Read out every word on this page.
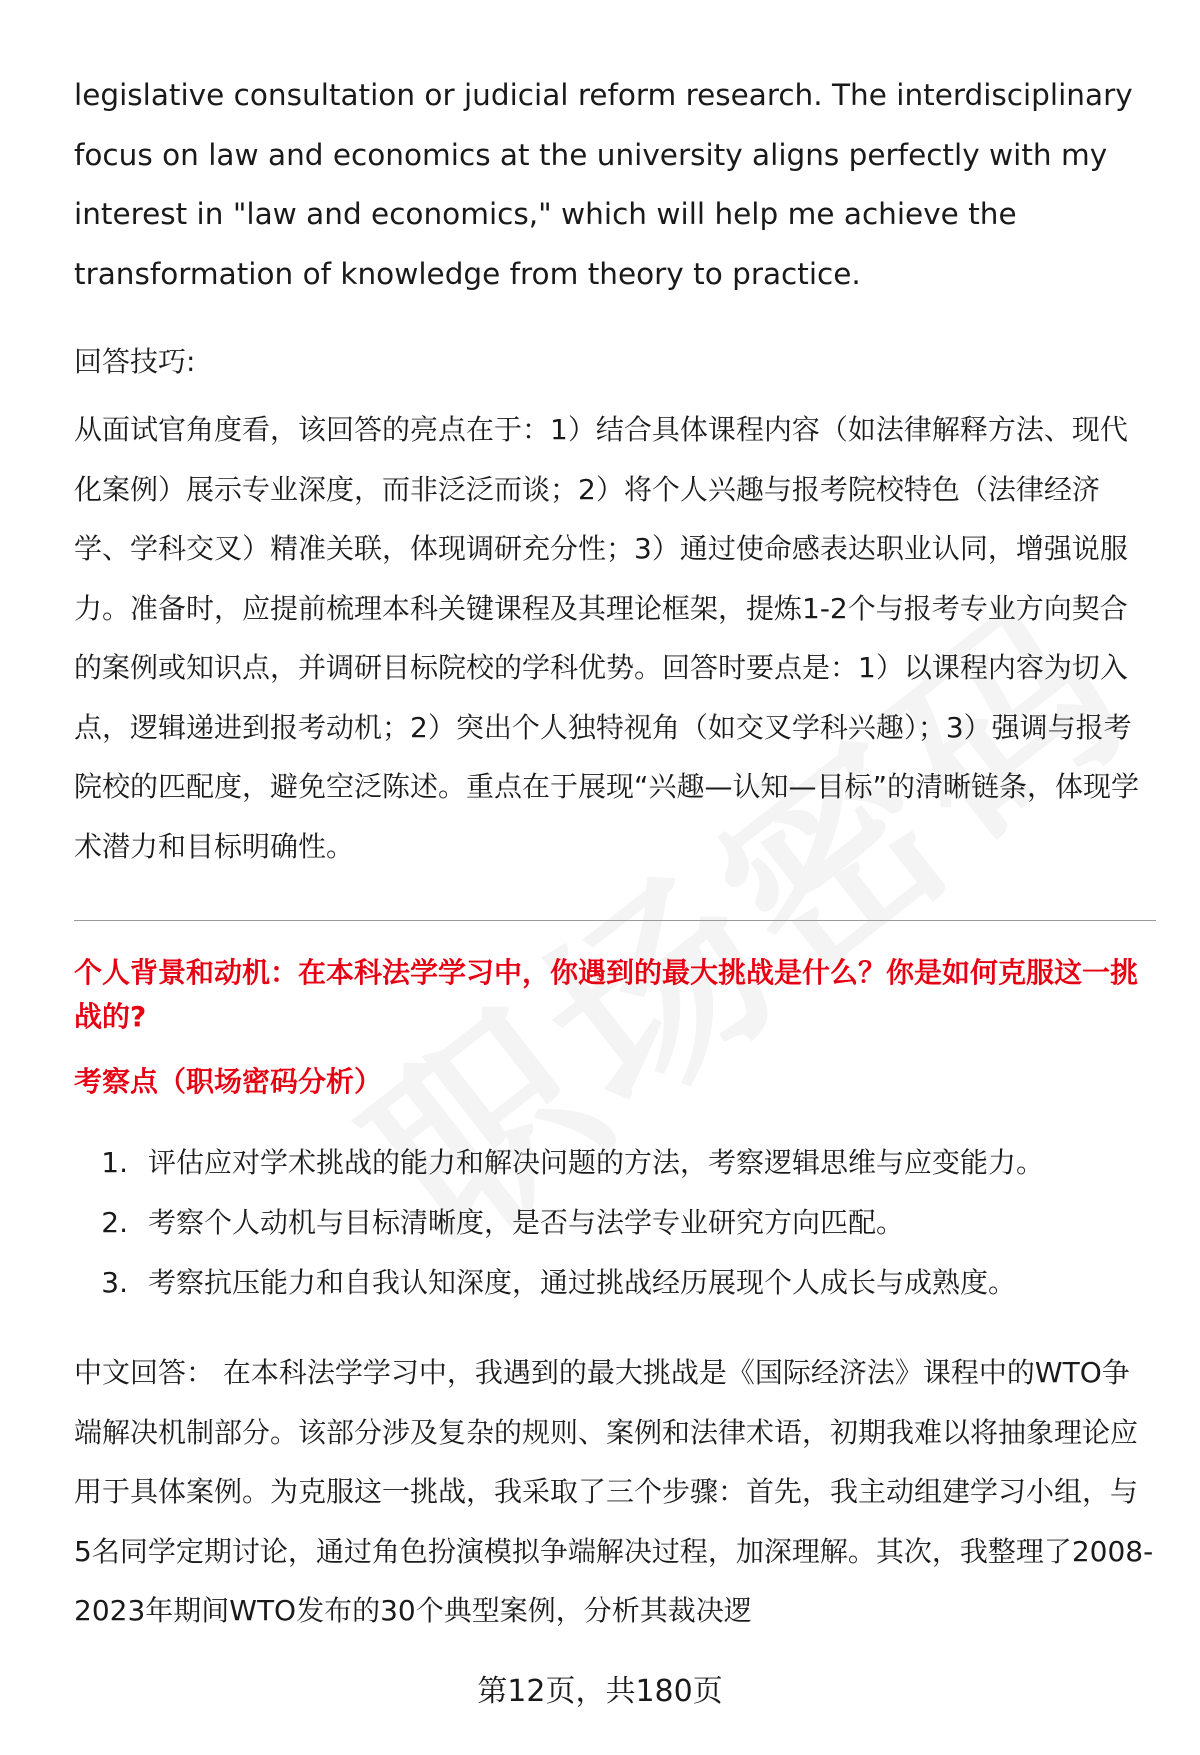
legislative consultation or judicial reform research. The interdisciplinary focus on law and economics at the university aligns perfectly with my interest in "law and economics," which will help me achieve the transformation of knowledge from theory to practice.

回答技巧:

从面试官角度看，该回答的亮点在于：1）结合具体课程内容（如法律解释方法、现代化案例）展示专业深度，而非泛泛而谈；2）将个人兴趣与报考院校特色（法律经济学、学科交叉）精准关联，体现调研充分性；3）通过使命感表达职业认同，增强说服力。准备时，应提前梳理本科关键课程及其理论框架，提炼1-2个与报考专业方向契合的案例或知识点，并调研目标院校的学科优势。回答时要点是：1）以课程内容为切入点，逻辑递进到报考动机；2）突出个人独特视角（如交叉学科兴趣）；3）强调与报考院校的匹配度，避免空泛陈述。重点在于展现“兴趣—认知—目标”的清晰链条，体现学术潜力和目标明确性。

个人背景和动机：在本科法学学习中，你遇到的最大挑战是什么？你是如何克服这一挑战的?
考察点（职场密码分析）
1. 评估应对学术挑战的能力和解决问题的方法，考察逻辑思维与应变能力。
2. 考察个人动机与目标清晰度，是否与法学专业研究方向匹配。
3. 考察抗压能力和自我认知深度，通过挑战经历展现个人成长与成熟度。

中文回答： 在本科法学学习中，我遇到的最大挑战是《国际经济法》课程中的WTO争端解决机制部分。该部分涉及复杂的规则、案例和法律术语，初期我难以将抽象理论应用于具体案例。为克服这一挑战，我采取了三个步骤：首先，我主动组建学习小组，与5名同学定期讨论，通过角色扮演模拟争端解决过程，加深理解。其次，我整理了2008-2023年期间WTO发布的30个典型案例，分析其裁决逻

第12页，共180页
